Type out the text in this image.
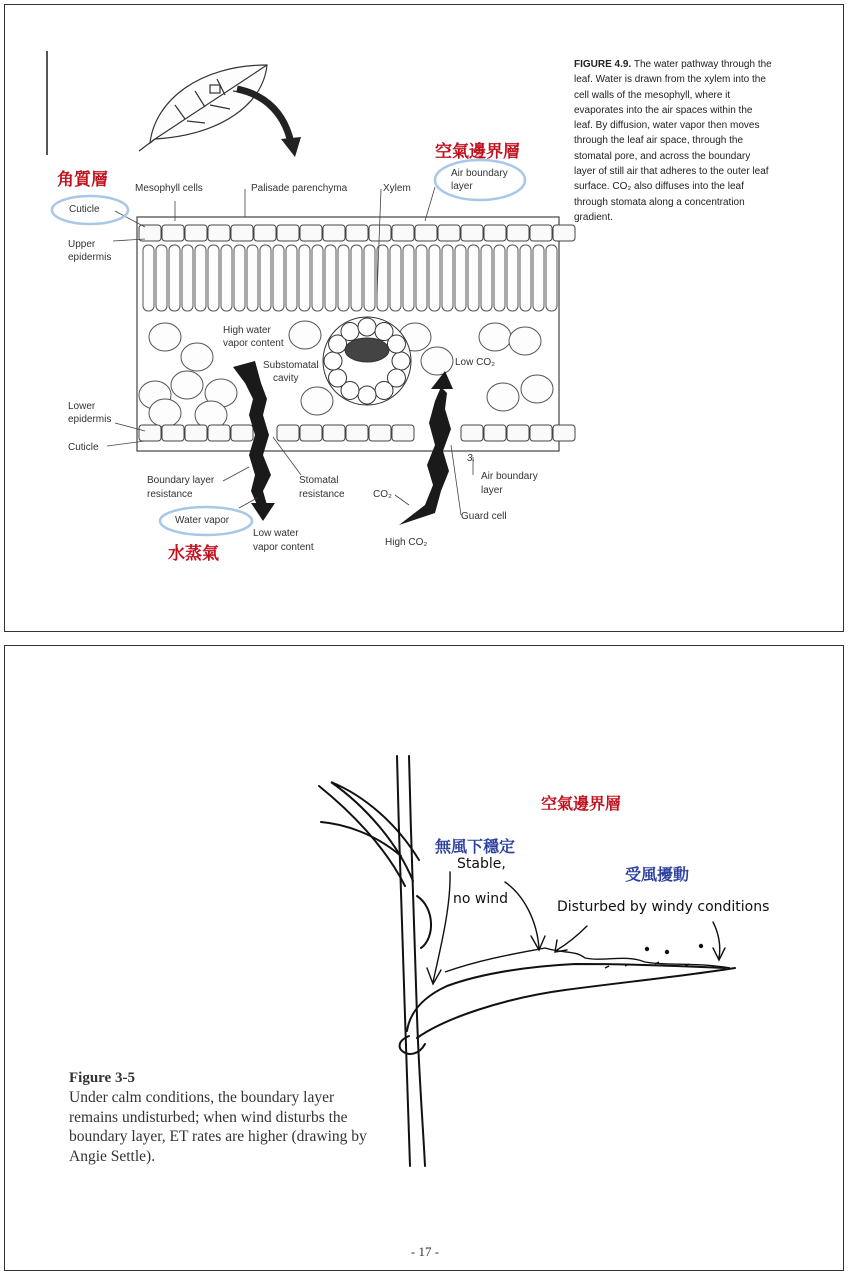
Mesophyll cells	Palisade parenchyma	Xylem
Air boundary
layer
Cuticle
Upper
epidermis
High water
vapor content
Substomatal
cavity
Low CO₂
Lower
epidermis
Cuticle
Boundary layer
resistance
Stomatal
resistance	CO₂
3.
Air boundary
layer
Guard cell
Water vapor
Low water
vapor content	High CO₂
角質層
空氣邊界層
水蒸氣
FIGURE 4.9. The water pathway through the leaf. Water is drawn from the xylem into the cell walls of the mesophyll, where it evaporates into the air spaces within the leaf. By diffusion, water vapor then moves through the leaf air space, through the stomatal pore, and across the boundary layer of still air that adheres to the outer leaf surface. CO₂ also diffuses into the leaf through stomata along a concentration gradient.
空氣邊界層
無風下穩定
受風擾動
Stable,
no wind	Disturbed by windy conditions
Figure 3-5
Under calm conditions, the boundary layer remains undisturbed; when wind disturbs the boundary layer, ET rates are higher (drawing by Angie Settle).
- 17 -
